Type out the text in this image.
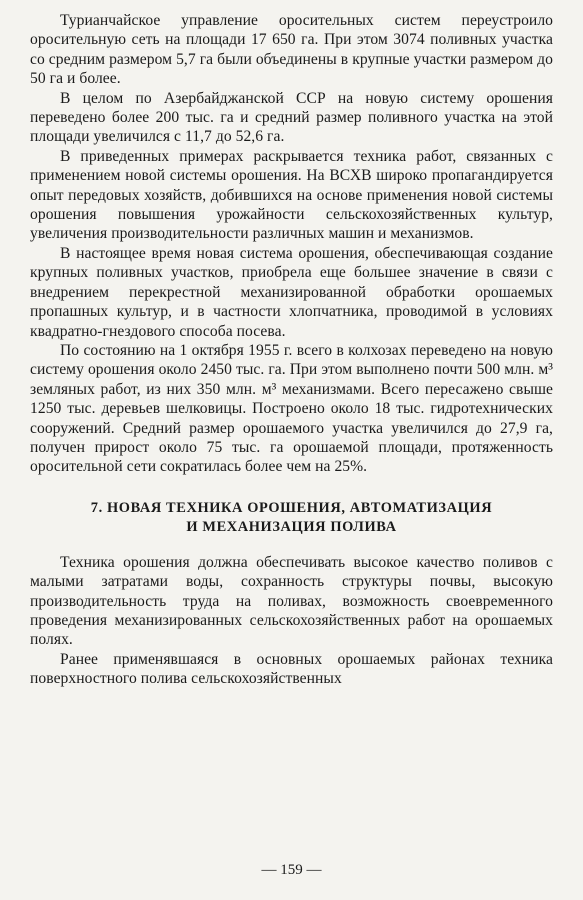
Турианчайское управление оросительных систем переустроило оросительную сеть на площади 17 650 га. При этом 3074 поливных участка со средним размером 5,7 га были объединены в крупные участки размером до 50 га и более.

В целом по Азербайджанской ССР на новую систему орошения переведено более 200 тыс. га и средний размер поливного участка на этой площади увеличился с 11,7 до 52,6 га.

В приведенных примерах раскрывается техника работ, связанных с применением новой системы орошения. На ВСХВ широко пропагандируется опыт передовых хозяйств, добившихся на основе применения новой системы орошения повышения урожайности сельскохозяйственных культур, увеличения производительности различных машин и механизмов.

В настоящее время новая система орошения, обеспечивающая создание крупных поливных участков, приобрела еще большее значение в связи с внедрением перекрестной механизированной обработки орошаемых пропашных культур, и в частности хлопчатника, проводимой в условиях квадратно-гнездового способа посева.

По состоянию на 1 октября 1955 г. всего в колхозах переведено на новую систему орошения около 2450 тыс. га. При этом выполнено почти 500 млн. м³ земляных работ, из них 350 млн. м³ механизмами. Всего пересажено свыше 1250 тыс. деревьев шелковицы. Построено около 18 тыс. гидротехнических сооружений. Средний размер орошаемого участка увеличился до 27,9 га, получен прирост около 75 тыс. га орошаемой площади, протяженность оросительной сети сократилась более чем на 25%.

7. НОВАЯ ТЕХНИКА ОРОШЕНИЯ, АВТОМАТИЗАЦИЯ
И МЕХАНИЗАЦИЯ ПОЛИВА

Техника орошения должна обеспечивать высокое качество поливов с малыми затратами воды, сохранность структуры почвы, высокую производительность труда на поливах, возможность своевременного проведения механизированных сельскохозяйственных работ на орошаемых полях.

Ранее применявшаяся в основных орошаемых районах техника поверхностного полива сельскохозяйственных

— 159 —
